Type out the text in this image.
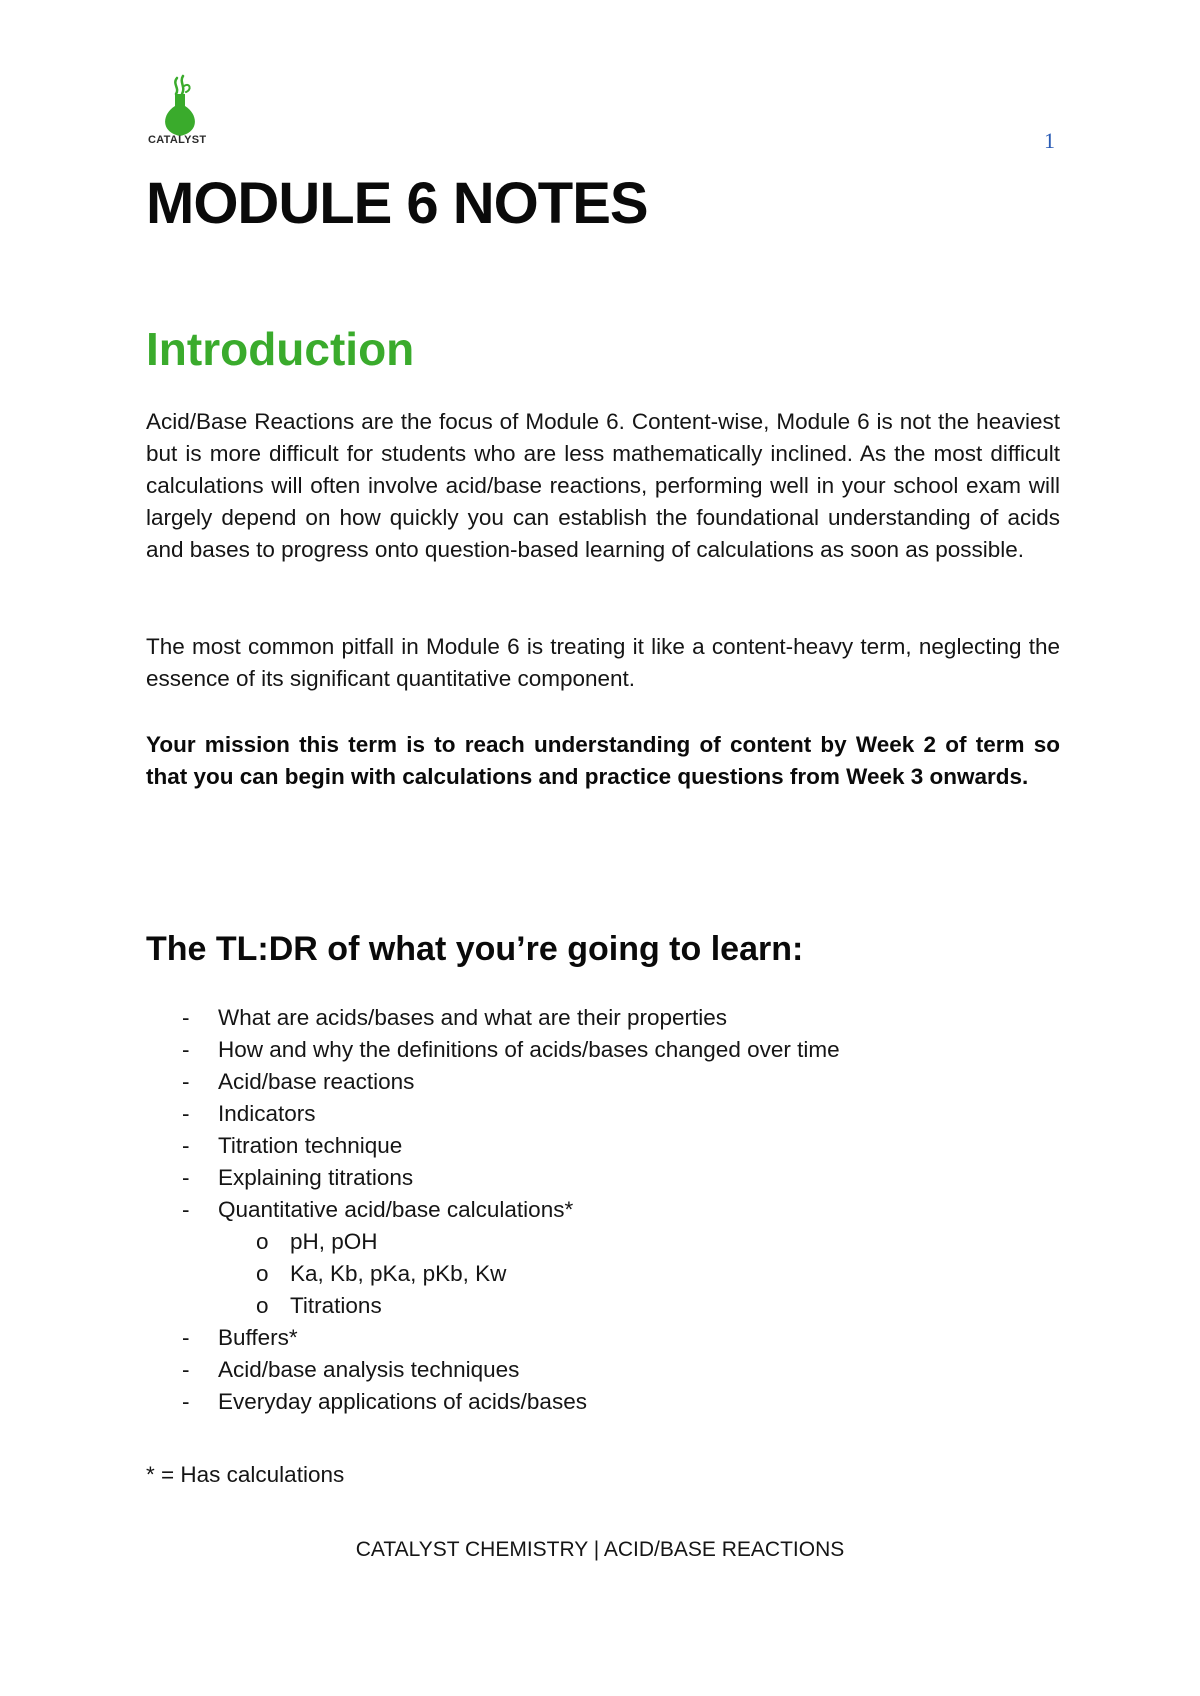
CATALYST	1
MODULE 6 NOTES
Introduction

Acid/Base Reactions are the focus of Module 6. Content-wise, Module 6 is not the heaviest but is more difficult for students who are less mathematically inclined. As the most difficult calculations will often involve acid/base reactions, performing well in your school exam will largely depend on how quickly you can establish the foundational understanding of acids and bases to progress onto question-based learning of calculations as soon as possible.

The most common pitfall in Module 6 is treating it like a content-heavy term, neglecting the essence of its significant quantitative component.

Your mission this term is to reach understanding of content by Week 2 of term so that you can begin with calculations and practice questions from Week 3 onwards.

The TL:DR of what you’re going to learn:
- What are acids/bases and what are their properties
- How and why the definitions of acids/bases changed over time
- Acid/base reactions
- Indicators
- Titration technique
- Explaining titrations
- Quantitative acid/base calculations*
o pH, pOH
o Ka, Kb, pKa, pKb, Kw
o Titrations
- Buffers*
- Acid/base analysis techniques
- Everyday applications of acids/bases

* = Has calculations

CATALYST CHEMISTRY | ACID/BASE REACTIONS
